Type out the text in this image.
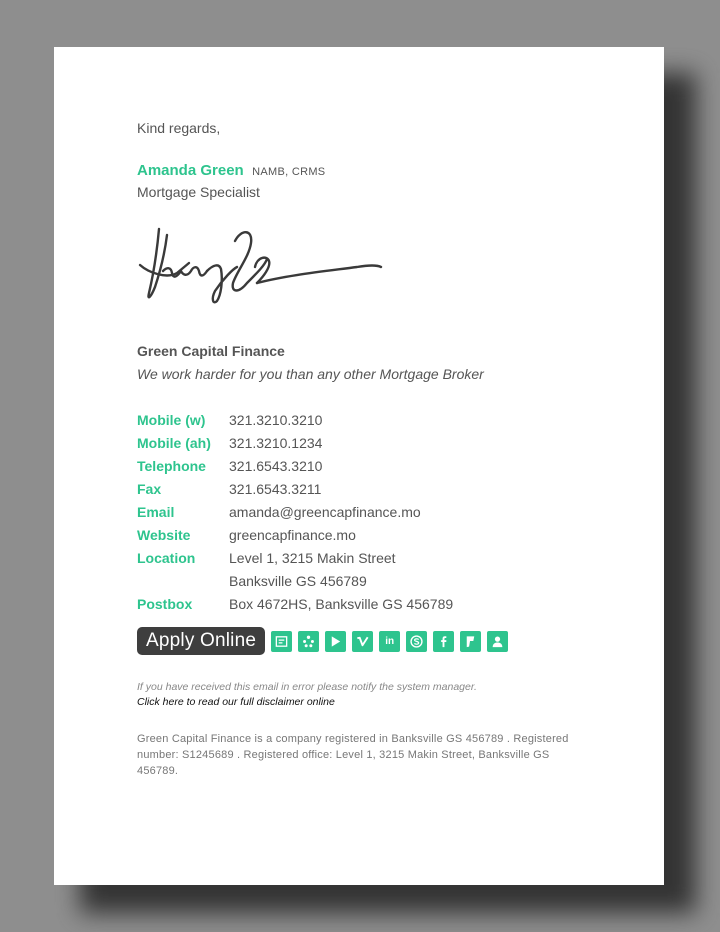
Kind regards,
Amanda Green NAMB, CRMS
Mortgage Specialist
Green Capital Finance
We work harder for you than any other Mortgage Broker
Mobile (w)	321.3210.3210
Mobile (ah)	321.3210.1234
Telephone	321.6543.3210
Fax	321.6543.3211
Email	amanda@greencapfinance.mo
Website	greencapfinance.mo
Location	Level 1, 3215 Makin Street
Banksville GS 456789
Postbox	Box 4672HS, Banksville GS 456789
Apply Online	in
If you have received this email in error please notify the system manager.
Click here to read our full disclaimer online
Green Capital Finance is a company registered in Banksville GS 456789 . Registered number: S1245689 . Registered office: Level 1, 3215 Makin Street, Banksville GS 456789.
